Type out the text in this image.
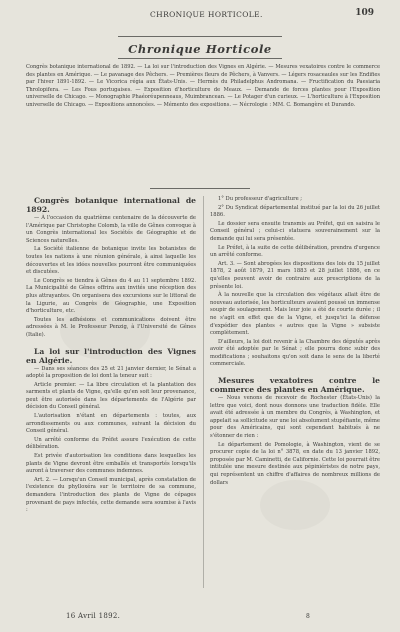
CHRONIQUE HORTICOLE.	109
Chronique Horticole
Congrès botanique international de 1892. — La loi sur l'introduction des Vignes en Algérie. — Mesures vexatoires contre le commerce des plantes en Amérique. — Le pavanage des Pêchers. — Premières fleurs de Pêchers, à Vanvers. — Légers rosaceaules sur les Endifies par l'hiver 1891-1892. — Le Vicorica régia aux États-Unis. — Hermès du Philadelphus Andromana. — Fructification du Paesiaria Throlopifera. — Les Fous portugaises. — Exposition d'horticulture de Meaux. — Demande de forces plantes pour l'Exposition universelle de Chicago. — Monographie Phaéoréupenneaus, Muimbrancean. — Le Potager d'un curieux. — L'horticulture à l'Exposition universelle de Chicago. — Expositions annoncées. — Mémento des expositions. — Nécrologie : MM. C. Bomangère et Durando.

Congrès botanique international de 1892.

— À l'occasion du quatrième centenaire de la découverte de l'Amérique par Christophe Colomb, la ville de Gênes convoque à un Congrès international les Sociétés de Géographie et de Sciences naturelles.

La Société italienne de botanique invite les botanistes de toutes les nations à une réunion générale, à ainsi laquelle les découvertes et les idées nouvelles pourront être communiquées et discutées.

Le Congrès se tiendra à Gênes du 4 au 11 septembre 1892. La Municipalité de Gênes offrira aux invités une réception des plus attrayantes. On organisera des excursions sur le littoral de la Ligurie, au Congrès de Géographie, une Exposition d'horticulture, etc.

Toutes les adhésions et communications doivent être adressées à M. le Professeur Penzig, à l'Université de Gênes (Italie).

La loi sur l'introduction des Vignes en Algérie.

— Dans ses séances des 25 et 21 janvier dernier, le Sénat a adopté la proposition de loi dont la teneur suit :

Article premier. — La libre circulation et la plantation des sarments et plants de Vigne, qu'elle qu'en soit leur provenance, peut être autorisée dans les départements de l'Algérie par décision du Conseil général.

L'autorisation n'étant en départements : toutes, aux arrondissements ou aux communes, suivant la décision du Conseil général.

Un arrêté conforme du Préfet assure l'exécution de cette délibération.

Est privée d'autorisation les conditions dans lesquelles les plants de Vigne devront être emballés et transportés lorsqu'ils auront à traverser des communes indemnes.

Art. 2. — Lorsqu'un Conseil municipal, après constatation de l'existence du phylloxéra sur le territoire de sa commune, demandera l'introduction des plants de Vigne de cépages provenant de pays infectés, cette demande sera soumise à l'avis :

1° Du professeur d'agriculture ;

2° Du Syndicat départemental institué par la loi du 26 juillet 1886.

Le dossier sera ensuite transmis au Préfet, qui en saisira le Conseil général ; celui-ci statuera souverainement sur la demande qui lui sera présentée.

Le Préfet, à la suite de cette délibération, prendra d'urgence un arrêté conforme.

Art. 3. — Sont abrogées les dispositions des lois du 15 juillet 1878, 2 août 1879, 21 mars 1883 et 28 juillet 1886, en ce qu'elles peuvent avoir de contraire aux prescriptions de la présente loi.

À la nouvelle que la circulation des végétaux allait être de nouveau autorisée, les horticulteurs avaient poussé un immense soupir de soulagement. Mais leur joie a été de courte durée ; il ne s'agit en effet que de la Vigne, et jusqu'ici la défense d'expédier des plantes « autres que la Vigne » subsiste complètement.

D'ailleurs, la loi doit revenir à la Chambre des députés après avoir été adoptée par le Sénat ; elle pourra donc subir des modifications ; souhaitons qu'on soit dans le sens de la liberté commerciale.

Mesures vexatoires contre le commerce des plantes en Amérique.

— Nous venons de recevoir de Rochester (États-Unis) la lettre que voici, dont nous donnons une traduction fidèle. Elle avait été adressée à un membre du Congrès, à Washington, et appelait sa sollicitude sur une loi absolument stupéfiante, même pour des Américains, qui sont cependant habitués à ne s'étonner de rien :

Le département de Pomologie, à Washington, vient de se procurer copie de la loi n° 3878, en date du 13 janvier 1892, proposée par M. Caminetti, de Californie. Cette loi pourrait être intitulée une mesure destinée aux pépiniéristes de notre pays, qui représentent un chiffre d'affaires de nombreux millions de dollars

16 Avril 1892.	8
